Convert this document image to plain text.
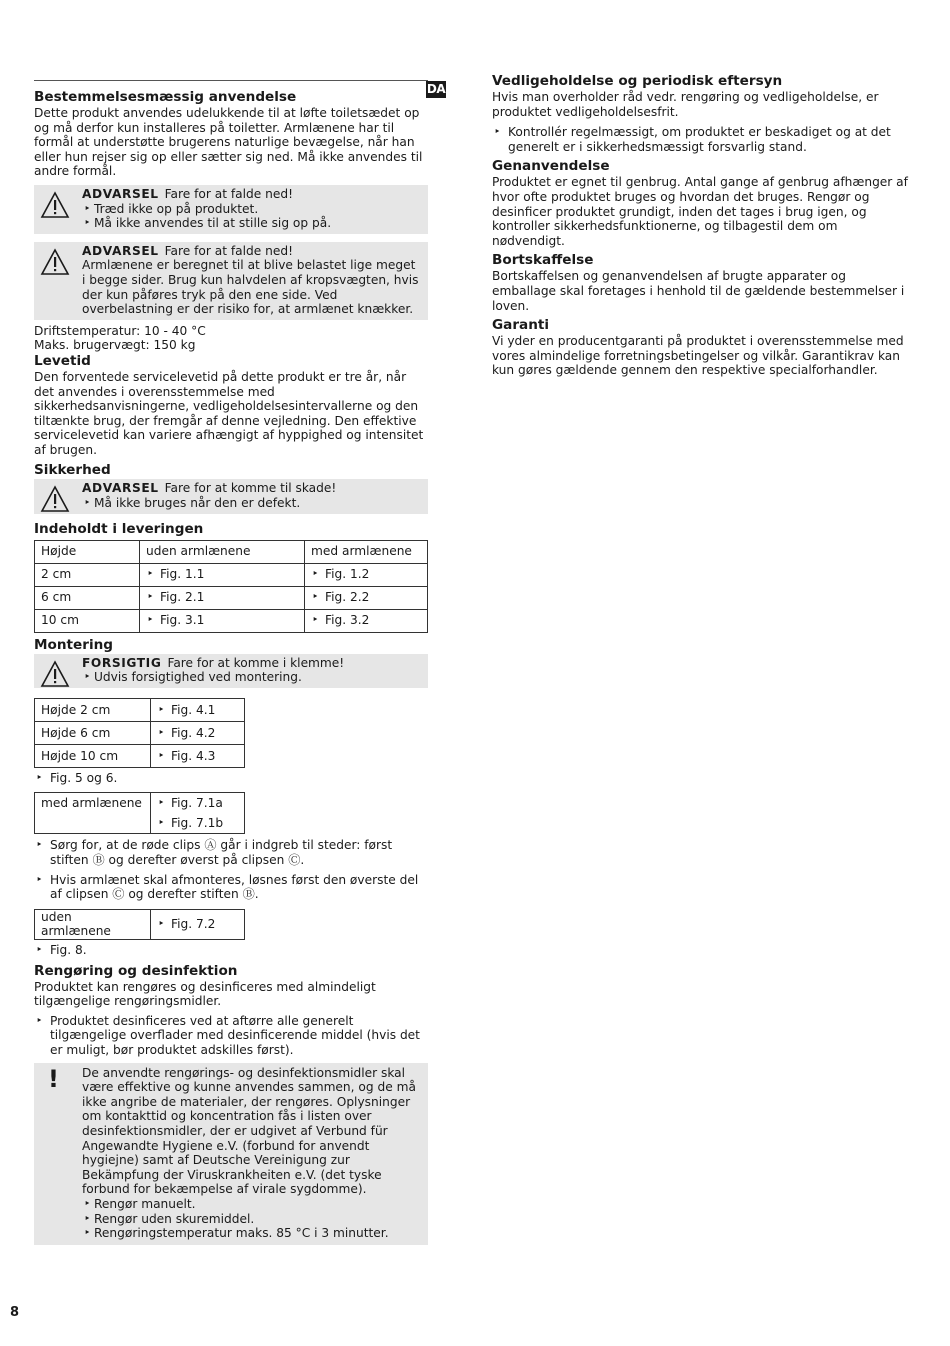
DA
Bestemmelsesmæssig anvendelse

Dette produkt anvendes udelukkende til at løfte toiletsædet op og må derfor kun installeres på toiletter. Armlænene har til formål at understøtte brugerens naturlige bevægelse, når han eller hun rejser sig op eller sætter sig ned. Må ikke anvendes til andre formål.

ADVARSEL Fare for at falde ned!
‣ Træd ikke op på produktet.
‣ Må ikke anvendes til at stille sig op på.
ADVARSEL Fare for at falde ned!

Armlænene er beregnet til at blive belastet lige meget i begge sider. Brug kun halvdelen af kropsvægten, hvis der kun påføres tryk på den ene side. Ved overbelastning er der risiko for, at armlænet knækker.

Driftstemperatur: 10 - 40 °C

Maks. brugervægt: 150 kg

Levetid

Den forventede servicelevetid på dette produkt er tre år, når det anvendes i overensstemmelse med sikkerhedsanvisningerne, vedligeholdelsesintervallerne og den tiltænkte brug, der fremgår af denne vejledning. Den effektive servicelevetid kan variere afhængigt af hyppighed og intensitet af brugen.

Sikkerhed
ADVARSEL Fare for at komme til skade!
‣ Må ikke bruges når den er defekt.
Indeholdt i leveringen
Højde	uden armlænene	med armlænene
2 cm	‣ Fig. 1.1	‣ Fig. 1.2
6 cm	‣ Fig. 2.1	‣ Fig. 2.2
10 cm	‣ Fig. 3.1	‣ Fig. 3.2
Montering
FORSIGTIG Fare for at komme i klemme!
‣ Udvis forsigtighed ved montering.
Højde 2 cm	‣ Fig. 4.1
Højde 6 cm	‣ Fig. 4.2
Højde 10 cm	‣ Fig. 4.3
‣ Fig. 5 og 6.
med armlænene	‣Fig. 7.1a
‣ Fig. 7.1b
‣ Sørg for, at de røde clips Ⓐ går i indgreb til steder: først stiften Ⓑ og derefter øverst på clipsen Ⓒ.
‣ Hvis armlænet skal afmonteres, løsnes først den øverste del af clipsen Ⓒ og derefter stiften Ⓑ.
uden armlænene	‣ Fig. 7.2
‣ Fig. 8.
Rengøring og desinfektion

Produktet kan rengøres og desinficeres med almindeligt tilgængelige rengøringsmidler.

‣ Produktet desinficeres ved at aftørre alle generelt tilgængelige overflader med desinficerende middel (hvis det er muligt, bør produktet adskilles først).
! De anvendte rengørings- og desinfektionsmidler skal være effektive og kunne anvendes sammen, og de må ikke angribe de materialer, der rengøres. Oplysninger om kontakttid og koncentration fås i listen over desinfektionsmidler, der er udgivet af Verbund für Angewandte Hygiene e.V. (forbund for anvendt hygiejne) samt af Deutsche Vereinigung zur Bekämpfung der Viruskrankheiten e.V. (det tyske forbund for bekæmpelse af virale sygdomme).

‣ Rengør manuelt.
‣ Rengør uden skuremiddel.
‣ Rengøringstemperatur maks. 85 °C i 3 minutter.
Vedligeholdelse og periodisk eftersyn

Hvis man overholder råd vedr. rengøring og vedligeholdelse, er produktet vedligeholdelsesfrit.

‣ Kontrollér regelmæssigt, om produktet er beskadiget og at det generelt er i sikkerhedsmæssigt forsvarlig stand.
Genanvendelse

Produktet er egnet til genbrug. Antal gange af genbrug afhænger af hvor ofte produktet bruges og hvordan det bruges. Rengør og desinficer produktet grundigt, inden det tages i brug igen, og kontroller sikkerhedsfunktionerne, og tilbagestil dem om nødvendigt.

Bortskaffelse

Bortskaffelsen og genanvendelsen af brugte apparater og emballage skal foretages i henhold til de gældende bestemmelser i loven.

Garanti

Vi yder en producentgaranti på produktet i overensstemmelse med vores almindelige forretningsbetingelser og vilkår. Garantikrav kan kun gøres gældende gennem den respektive specialforhandler.

8
